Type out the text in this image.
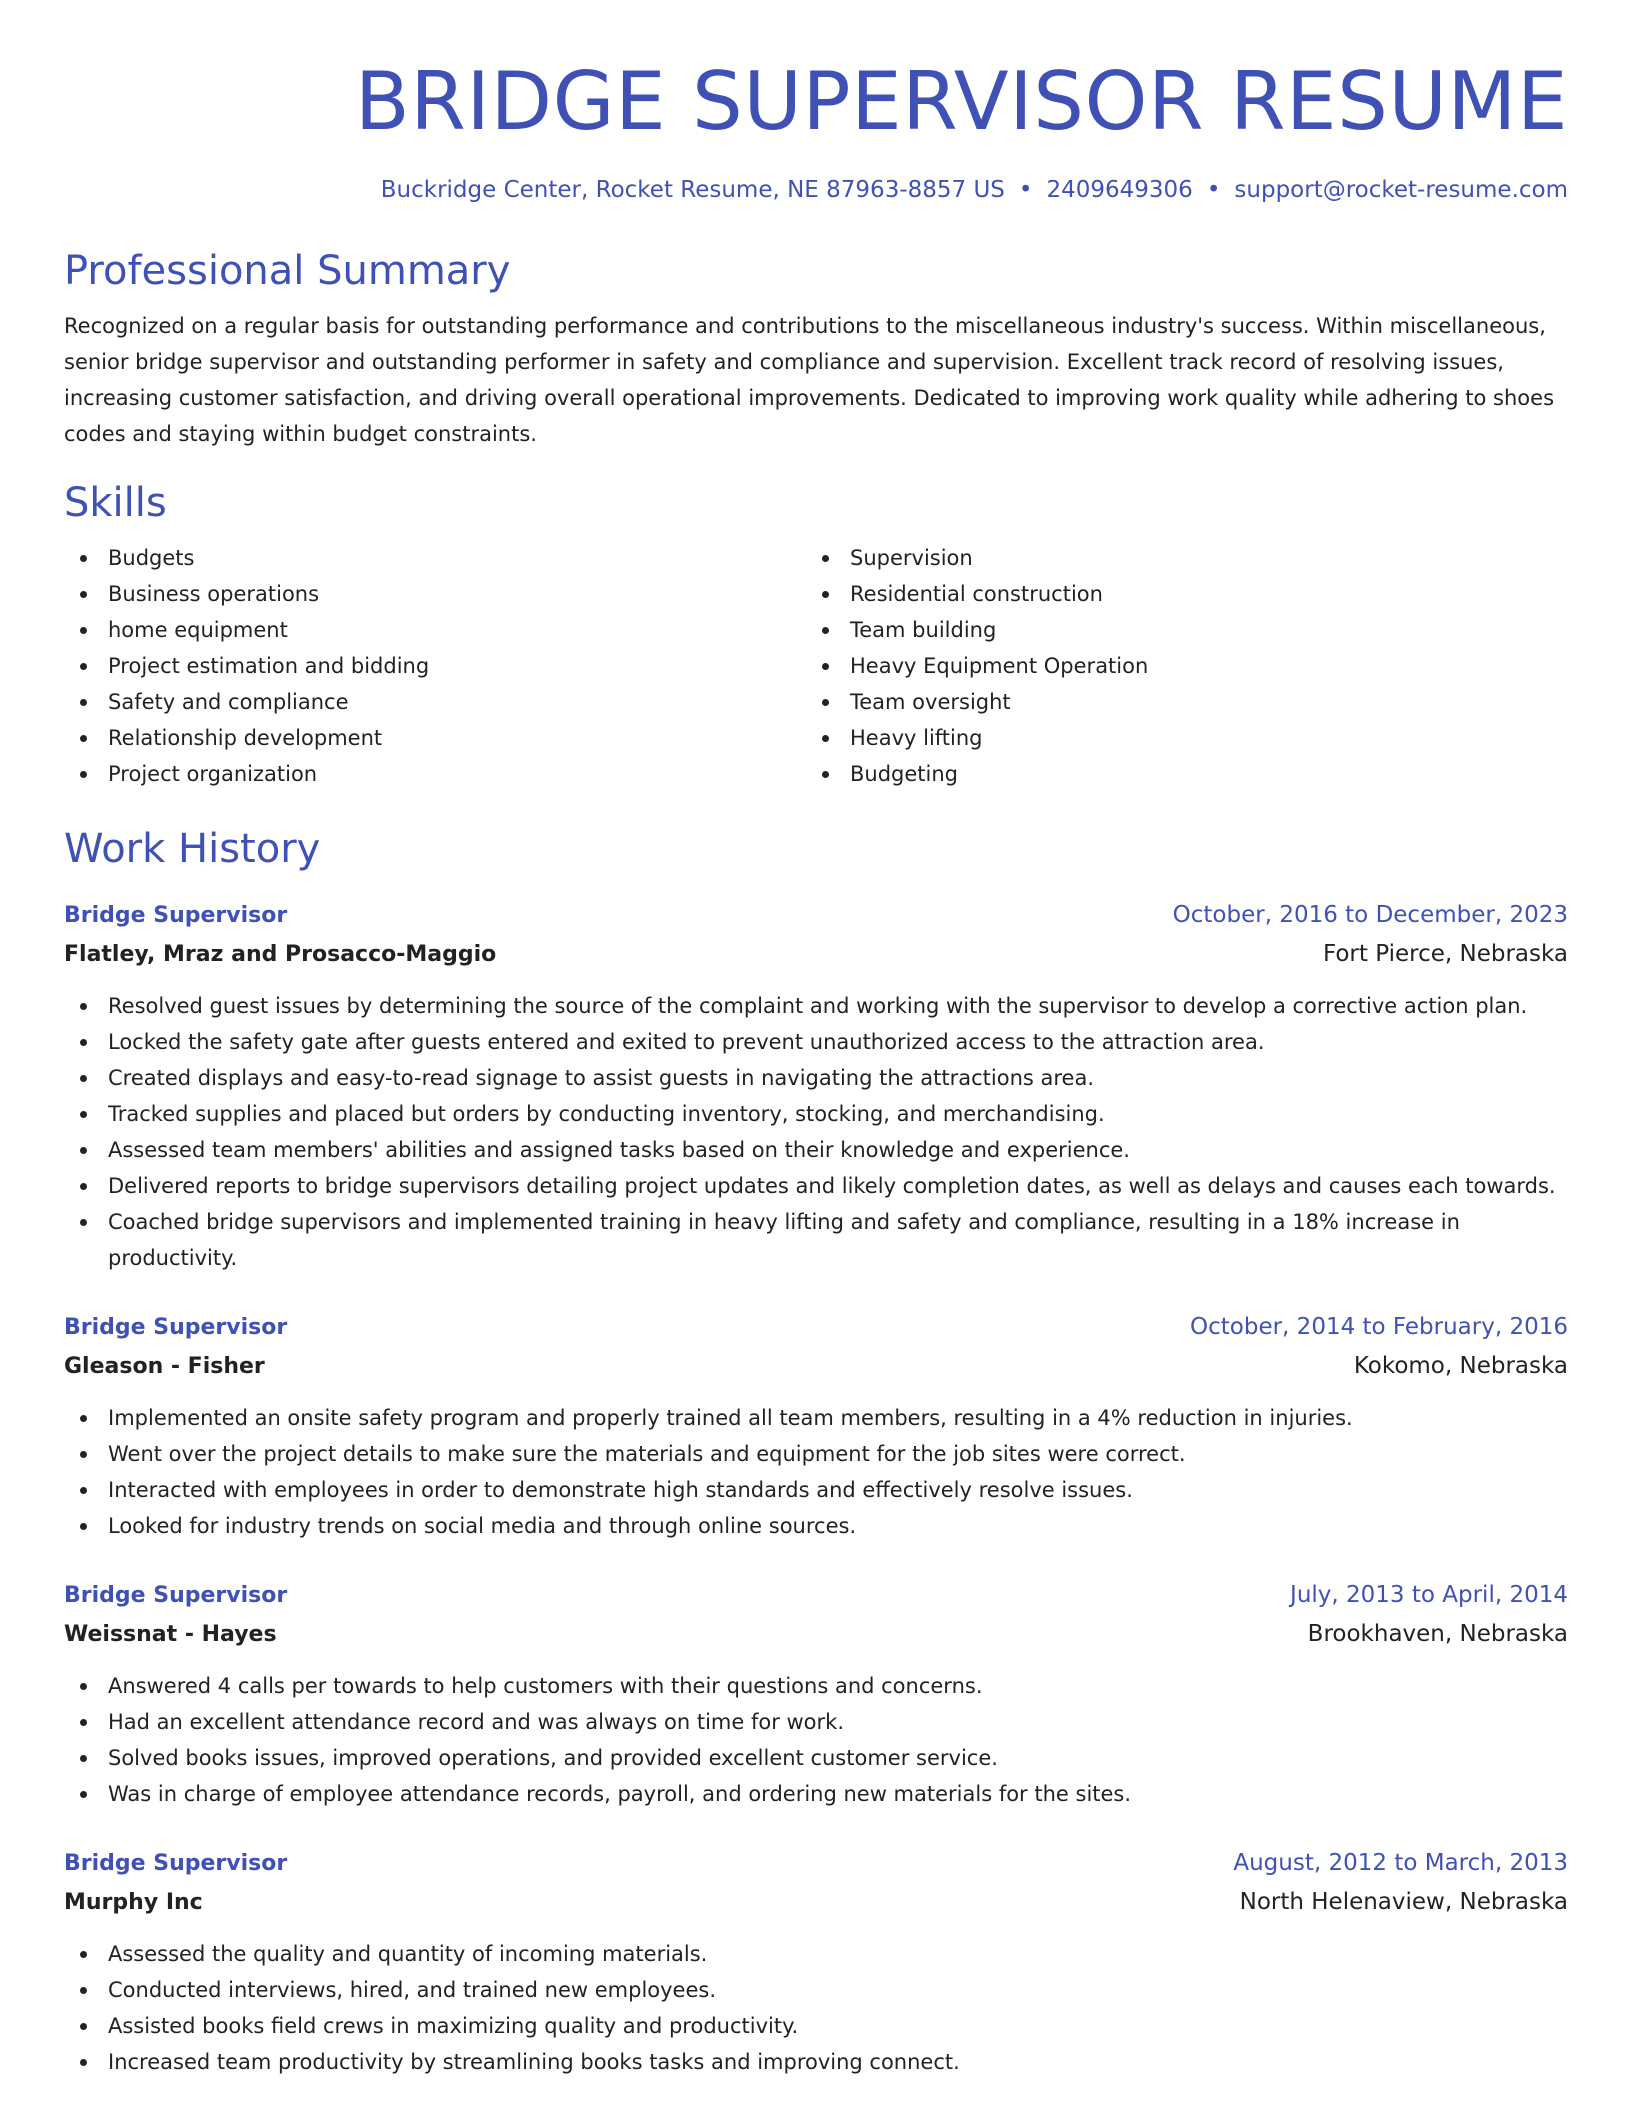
BRIDGE SUPERVISOR RESUME
Buckridge Center, Rocket Resume, NE 87963-8857 US • 2409649306 • support@rocket-resume.com
Professional Summary

Recognized on a regular basis for outstanding performance and contributions to the miscellaneous industry's success. Within miscellaneous, senior bridge supervisor and outstanding performer in safety and compliance and supervision. Excellent track record of resolving issues, increasing customer satisfaction, and driving overall operational improvements. Dedicated to improving work quality while adhering to shoes codes and staying within budget constraints.

Skills
Budgets
Business operations
home equipment
Project estimation and bidding
Safety and compliance
Relationship development
Project organization
Supervision
Residential construction
Team building
Heavy Equipment Operation
Team oversight
Heavy lifting
Budgeting
Work History
Bridge Supervisor	October, 2016 to December, 2023
Flatley, Mraz and Prosacco-Maggio	Fort Pierce, Nebraska
Resolved guest issues by determining the source of the complaint and working with the supervisor to develop a corrective action plan.
Locked the safety gate after guests entered and exited to prevent unauthorized access to the attraction area.
Created displays and easy-to-read signage to assist guests in navigating the attractions area.
Tracked supplies and placed but orders by conducting inventory, stocking, and merchandising.
Assessed team members' abilities and assigned tasks based on their knowledge and experience.
Delivered reports to bridge supervisors detailing project updates and likely completion dates, as well as delays and causes each towards.
Coached bridge supervisors and implemented training in heavy lifting and safety and compliance, resulting in a 18% increase in productivity.
Bridge Supervisor	October, 2014 to February, 2016
Gleason - Fisher	Kokomo, Nebraska
Implemented an onsite safety program and properly trained all team members, resulting in a 4% reduction in injuries.
Went over the project details to make sure the materials and equipment for the job sites were correct.
Interacted with employees in order to demonstrate high standards and effectively resolve issues.
Looked for industry trends on social media and through online sources.
Bridge Supervisor	July, 2013 to April, 2014
Weissnat - Hayes	Brookhaven, Nebraska
Answered 4 calls per towards to help customers with their questions and concerns.
Had an excellent attendance record and was always on time for work.
Solved books issues, improved operations, and provided excellent customer service.
Was in charge of employee attendance records, payroll, and ordering new materials for the sites.
Bridge Supervisor	August, 2012 to March, 2013
Murphy Inc	North Helenaview, Nebraska
Assessed the quality and quantity of incoming materials.
Conducted interviews, hired, and trained new employees.
Assisted books field crews in maximizing quality and productivity.
Increased team productivity by streamlining books tasks and improving connect.
